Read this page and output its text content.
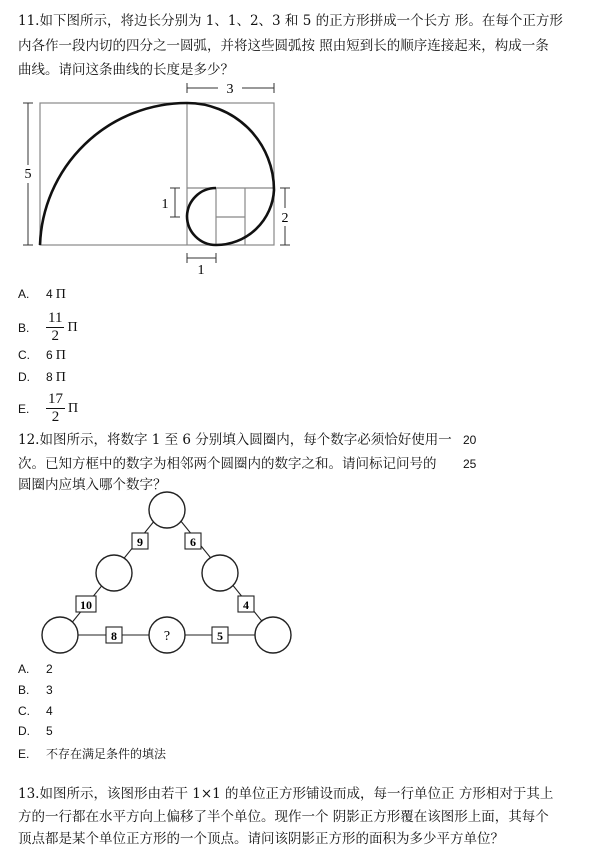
11.如下图所示，将边长分别为 1、1、2、3 和 5 的正方形拼成一个长方 形。在每个正方形
内各作一段内切的四分之一圆弧，并将这些圆弧按 照由短到长的顺序连接起来，构成一条
曲线。请问这条曲线的长度是多少？
3
5
1
2
1
A. 4 Π
B. $\frac{11}{2}$ Π
C. 6 Π
D. 8 Π
E. $\frac{17}{2}$ Π
12.如图所示，将数字 1 至 6 分别填入圆圈内，每个数字必须恰好使用一
次。已知方框中的数字为相邻两个圆圈内的数字之和。请问标记问号的
圆圈内应填入哪个数字？
20
25
9	6
10	4
8	5
?
A. 2
B. 3
C. 4
D. 5
E. 不存在满足条件的填法
13.如图所示，该图形由若干 1×1 的单位正方形铺设而成，每一行单位正 方形相对于其上
方的一行都在水平方向上偏移了半个单位。现作一个 阴影正方形覆在该图形上面，其每个
顶点都是某个单位正方形的一个顶点。请问该阴影正方形的面积为多少平方单位？
